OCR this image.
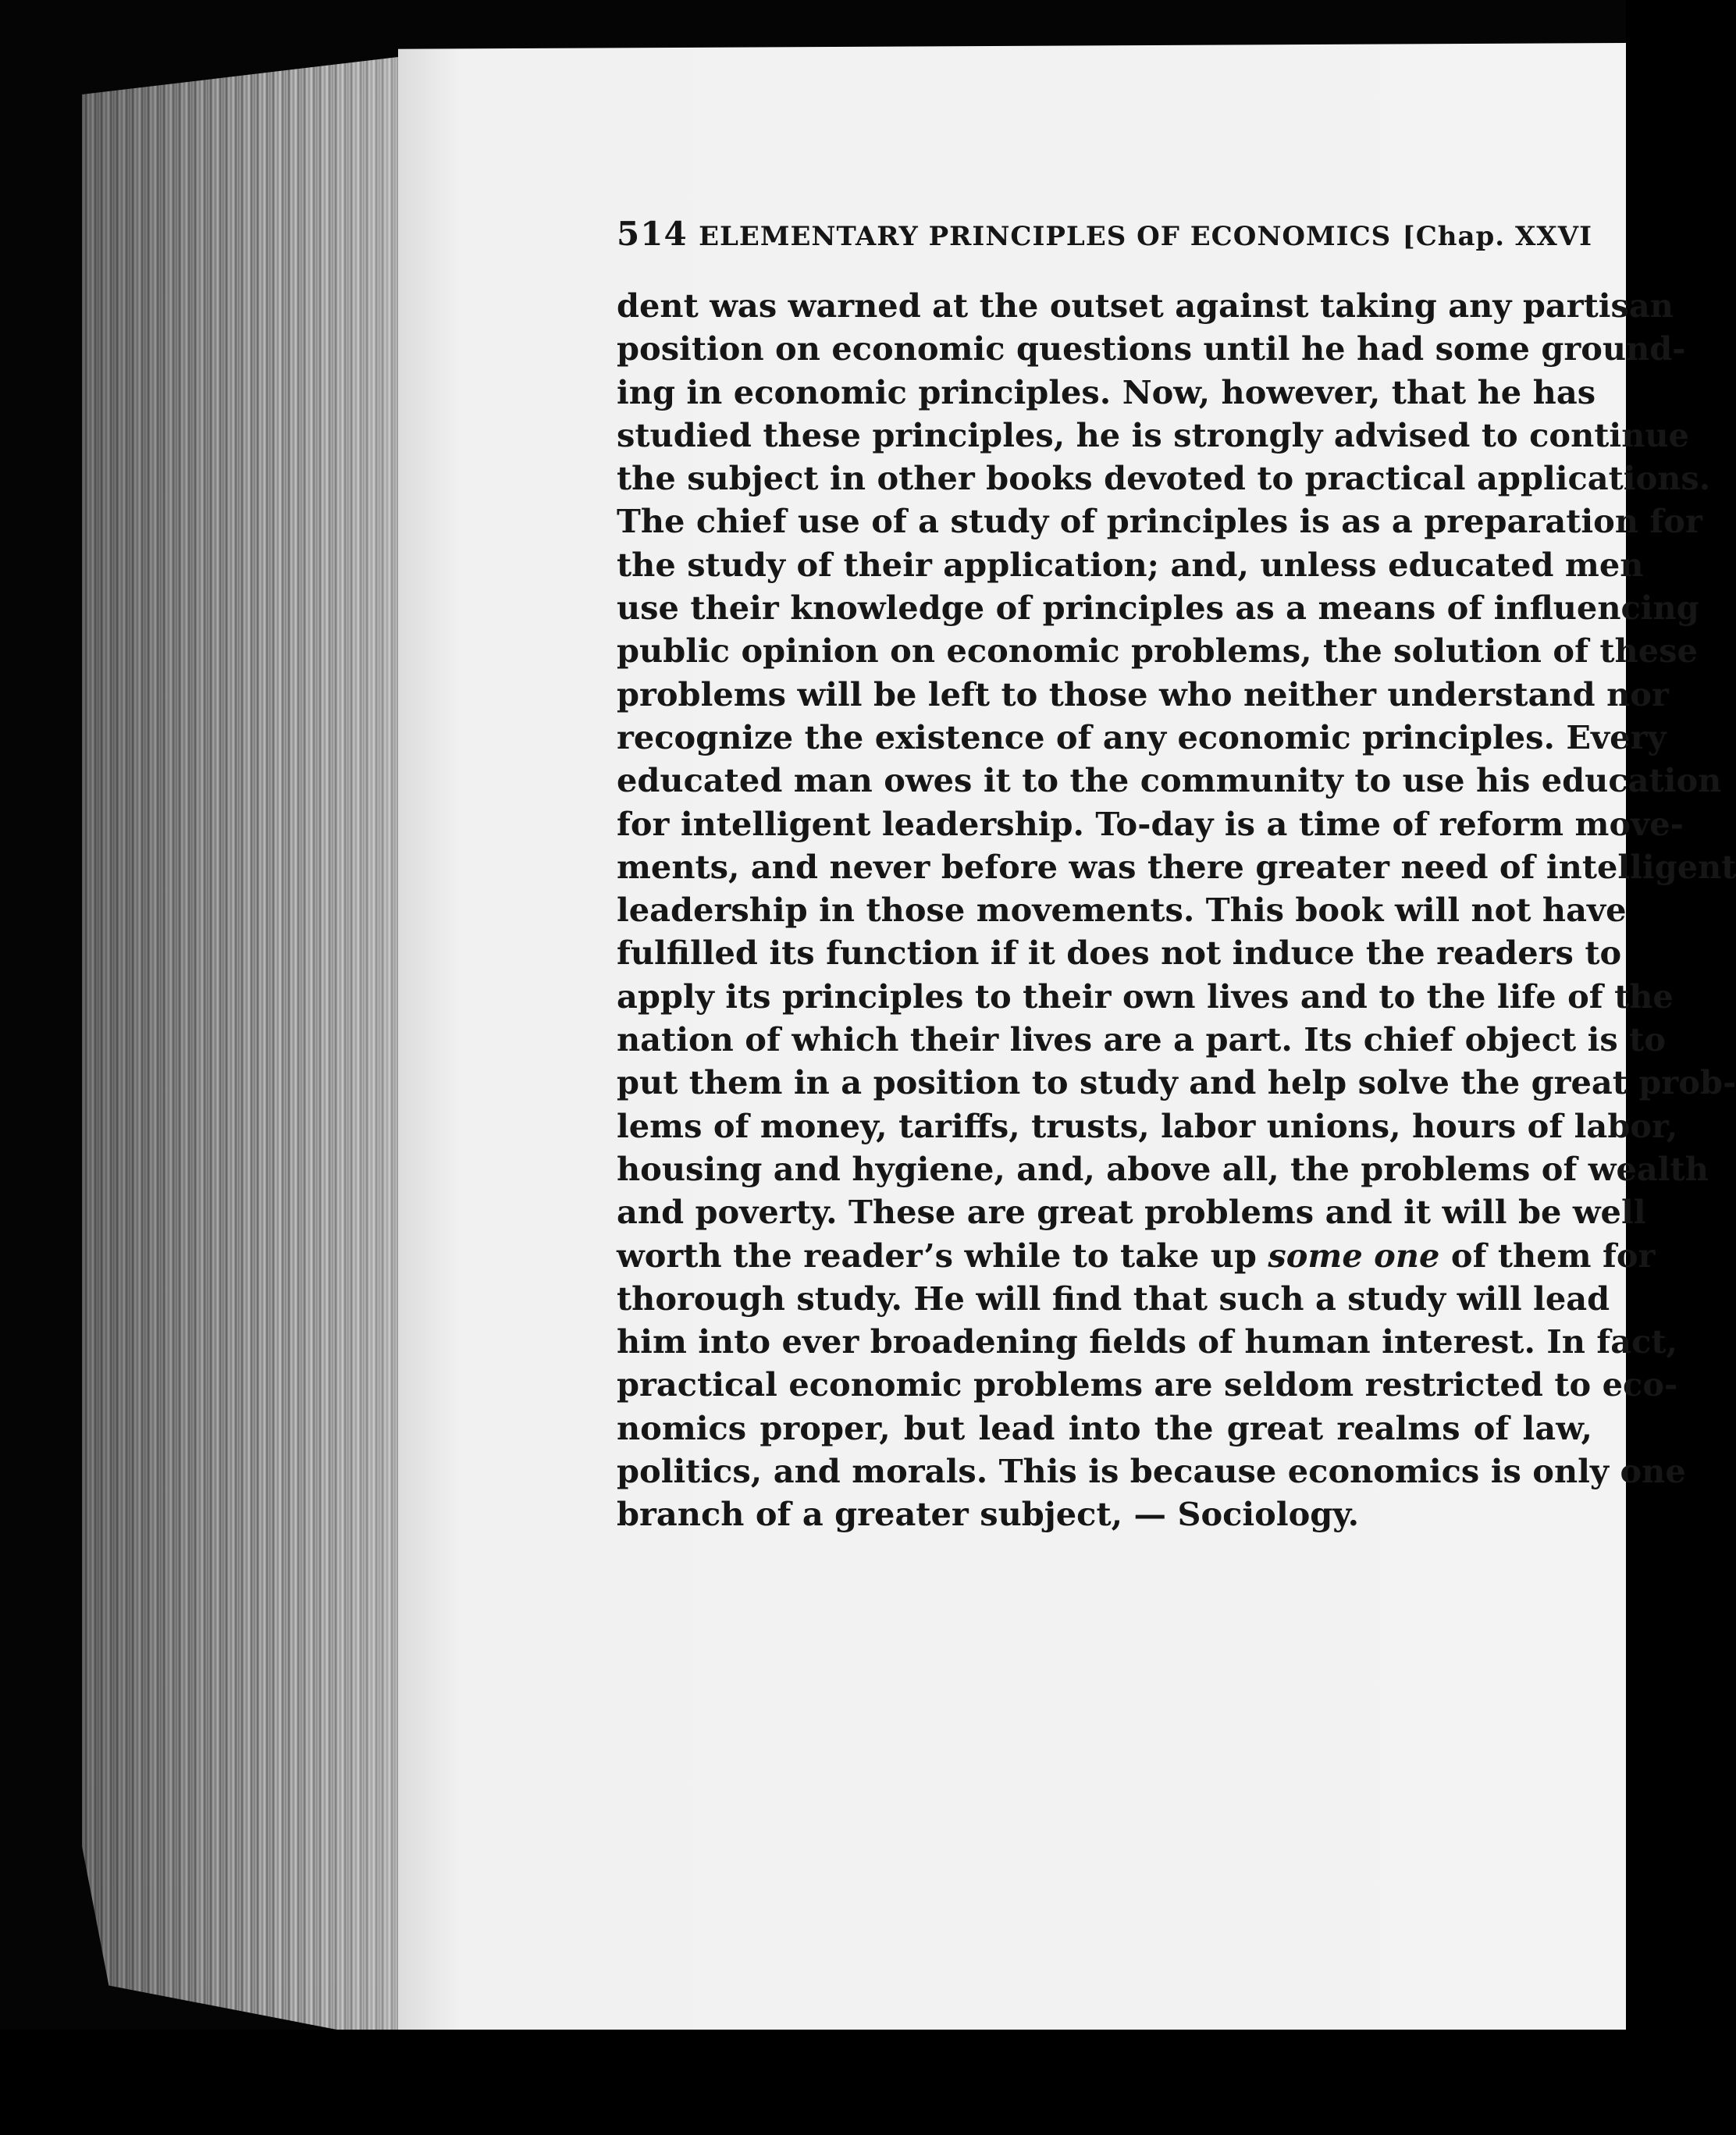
514 ELEMENTARY PRINCIPLES OF ECONOMICS [Chap. XXVI

dent was warned at the outset against taking any partisan
position on economic questions until he had some ground-
ing in economic principles. Now, however, that he has
studied these principles, he is strongly advised to continue
the subject in other books devoted to practical applications.
The chief use of a study of principles is as a preparation for
the study of their application; and, unless educated men
use their knowledge of principles as a means of influencing
public opinion on economic problems, the solution of these
problems will be left to those who neither understand nor
recognize the existence of any economic principles. Every
educated man owes it to the community to use his education
for intelligent leadership. To-day is a time of reform move-
ments, and never before was there greater need of intelligent
leadership in those movements. This book will not have
fulfilled its function if it does not induce the readers to
apply its principles to their own lives and to the life of the
nation of which their lives are a part. Its chief object is to
put them in a position to study and help solve the great prob-
lems of money, tariffs, trusts, labor unions, hours of labor,
housing and hygiene, and, above all, the problems of wealth
and poverty. These are great problems and it will be well
worth the reader’s while to take up some one of them for
thorough study. He will find that such a study will lead
him into ever broadening fields of human interest. In fact,
practical economic problems are seldom restricted to eco-
nomics proper, but lead into the great realms of law,
politics, and morals. This is because economics is only one
branch of a greater subject, — Sociology.
